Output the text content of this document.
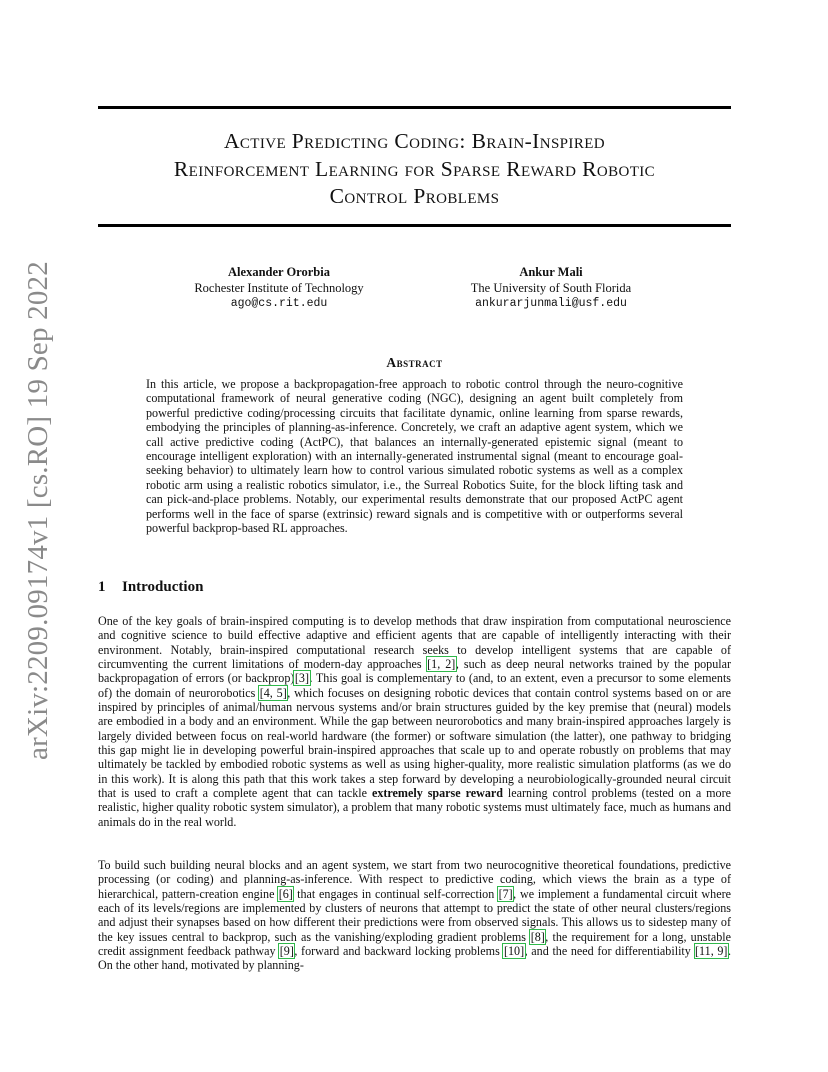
arXiv:2209.09174v1 [cs.RO] 19 Sep 2022
Active Predicting Coding: Brain-Inspired
Reinforcement Learning for Sparse Reward Robotic
Control Problems
Alexander Ororbia
Rochester Institute of Technology
ago@cs.rit.edu
Ankur Mali
The University of South Florida
ankurarjunmali@usf.edu
Abstract

In this article, we propose a backpropagation-free approach to robotic control through the neuro-cognitive computational framework of neural generative coding (NGC), designing an agent built completely from powerful predictive coding/processing circuits that facilitate dynamic, online learning from sparse rewards, embodying the principles of planning-as-inference. Concretely, we craft an adaptive agent system, which we call active predictive coding (ActPC), that balances an internally-generated epistemic signal (meant to encourage intelligent exploration) with an internally-generated instrumental signal (meant to encourage goal-seeking behavior) to ultimately learn how to control various simulated robotic systems as well as a complex robotic arm using a realistic robotics simulator, i.e., the Surreal Robotics Suite, for the block lifting task and can pick-and-place problems. Notably, our experimental results demonstrate that our proposed ActPC agent performs well in the face of sparse (extrinsic) reward signals and is competitive with or outperforms several powerful backprop-based RL approaches.

1 Introduction

One of the key goals of brain-inspired computing is to develop methods that draw inspiration from computational neuroscience and cognitive science to build effective adaptive and efficient agents that are capable of intelligently interacting with their environment. Notably, brain-inspired computational research seeks to develop intelligent systems that are capable of circumventing the current limitations of modern-day approaches [1, 2], such as deep neural networks trained by the popular backpropagation of errors (or backprop)[3]. This goal is complementary to (and, to an extent, even a precursor to some elements of) the domain of neurorobotics [4, 5], which focuses on designing robotic devices that contain control systems based on or are inspired by principles of animal/human nervous systems and/or brain structures guided by the key premise that (neural) models are embodied in a body and an environment. While the gap between neurorobotics and many brain-inspired approaches largely is largely divided between focus on real-world hardware (the former) or software simulation (the latter), one pathway to bridging this gap might lie in developing powerful brain-inspired approaches that scale up to and operate robustly on problems that may ultimately be tackled by embodied robotic systems as well as using higher-quality, more realistic simulation platforms (as we do in this work). It is along this path that this work takes a step forward by developing a neurobiologically-grounded neural circuit that is used to craft a complete agent that can tackle extremely sparse reward learning control problems (tested on a more realistic, higher quality robotic system simulator), a problem that many robotic systems must ultimately face, much as humans and animals do in the real world.

To build such building neural blocks and an agent system, we start from two neurocognitive theoretical foundations, predictive processing (or coding) and planning-as-inference. With respect to predictive coding, which views the brain as a type of hierarchical, pattern-creation engine [6] that engages in continual self-correction [7], we implement a fundamental circuit where each of its levels/regions are implemented by clusters of neurons that attempt to predict the state of other neural clusters/regions and adjust their synapses based on how different their predictions were from observed signals. This allows us to sidestep many of the key issues central to backprop, such as the vanishing/exploding gradient problems [8], the requirement for a long, unstable credit assignment feedback pathway [9], forward and backward locking problems [10], and the need for differentiability [11, 9]. On the other hand, motivated by planning-
